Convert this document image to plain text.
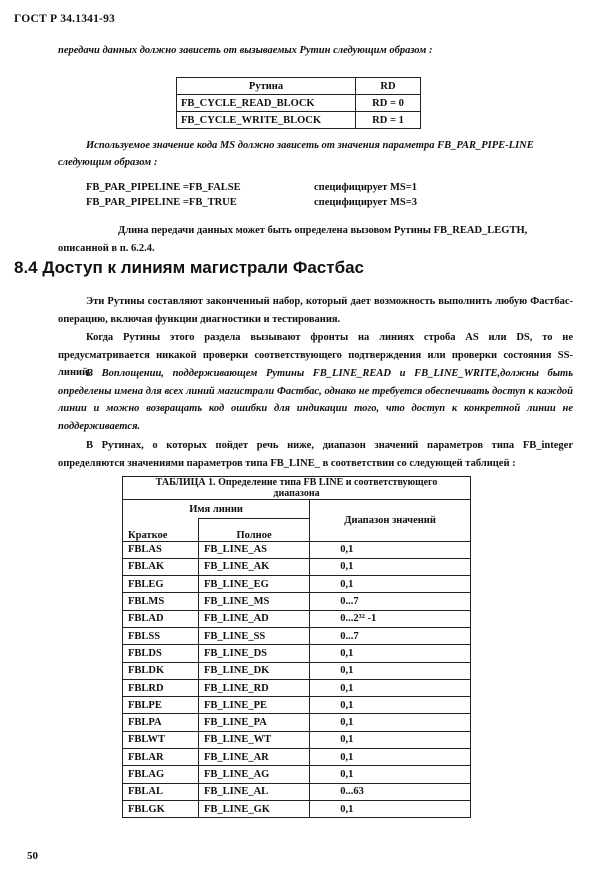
ГОСТ Р 34.1341-93
передачи данных должно зависеть от вызываемых Рутин следующим образом :
Рутина	RD
FB_CYCLE_READ_BLOCK	RD = 0
FB_CYCLE_WRITE_BLOCK	RD = 1
Используемое значение кода MS должно зависеть от значения параметра FB_PAR_PIPE-LINE следующим образом :
FB_PAR_PIPELINE =FB_FALSE	специфицирует MS=1
FB_PAR_PIPELINE =FB_TRUE	специфицирует MS=3
Длина передачи данных может быть определена вызовом Рутины FB_READ_LEGTH, описанной в п. 6.2.4.
8.4 Доступ к линиям магистрали Фастбас
Эти Рутины составляют законченный набор, который дает возможность выполнить любую Фастбас-операцию, включая функции диагностики и тестирования.
Когда Рутины этого раздела вызывают фронты на линиях строба AS или DS, то не предусматривается никакой проверки соответствующего подтверждения или проверки состояния SS-линий.
В Воплощении, поддерживающем Рутины FB_LINE_READ и FB_LINE_WRITE,должны быть определены имена для всех линий магистрали Фастбас, однако не требуется обеспечивать доступ к каждой линии и можно возвращать код ошибки для индикации того, что доступ к конкретной линии не поддерживается.
В Рутинах, о которых пойдет речь ниже, диапазон значений параметров типа FB_integer определяются значениями параметров типа FB_LINE_ в соответствии со следующей таблицей :
ТАБЛИЦА 1. Определение типа FB LINE и соответствующего
диапазона		

Имя линии		Диапазон значений
Краткое	Полное	
FBLAS	FB_LINE_AS	0,1
FBLAK	FB_LINE_AK	0,1
FBLEG	FB_LINE_EG	0,1
FBLMS	FB_LINE_MS	0...7
FBLAD	FB_LINE_AD	0...2³² -1
FBLSS	FB_LINE_SS	0...7
FBLDS	FB_LINE_DS	0,1
FBLDK	FB_LINE_DK	0,1
FBLRD	FB_LINE_RD	0,1
FBLPE	FB_LINE_PE	0,1
FBLPA	FB_LINE_PA	0,1
FBLWT	FB_LINE_WT	0,1
FBLAR	FB_LINE_AR	0,1
FBLAG	FB_LINE_AG	0,1
FBLAL	FB_LINE_AL	0...63
FBLGK	FB_LINE_GK	0,1
50
